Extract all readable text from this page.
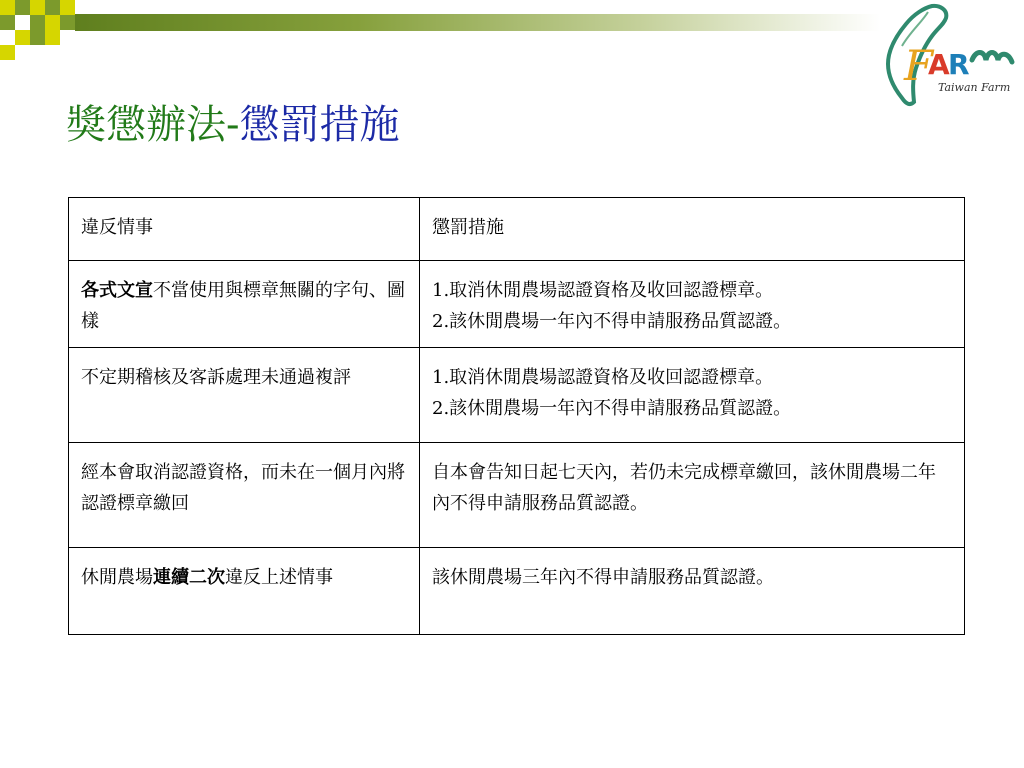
F
A
R
Taiwan Farm
獎懲辦法-懲罰措施
違反情事	懲罰措施
各式文宣不當使用與標章無關的字句、圖樣	1.取消休閒農場認證資格及收回認證標章。
2.該休閒農場一年內不得申請服務品質認證。

不定期稽核及客訴處理未通過複評	1.取消休閒農場認證資格及收回認證標章。
2.該休閒農場一年內不得申請服務品質認證。

經本會取消認證資格，而未在一個月內將認證標章繳回	自本會告知日起七天內，若仍未完成標章繳回，該休閒農場二年內不得申請服務品質認證。

休閒農場連續二次違反上述情事	該休閒農場三年內不得申請服務品質認證。
